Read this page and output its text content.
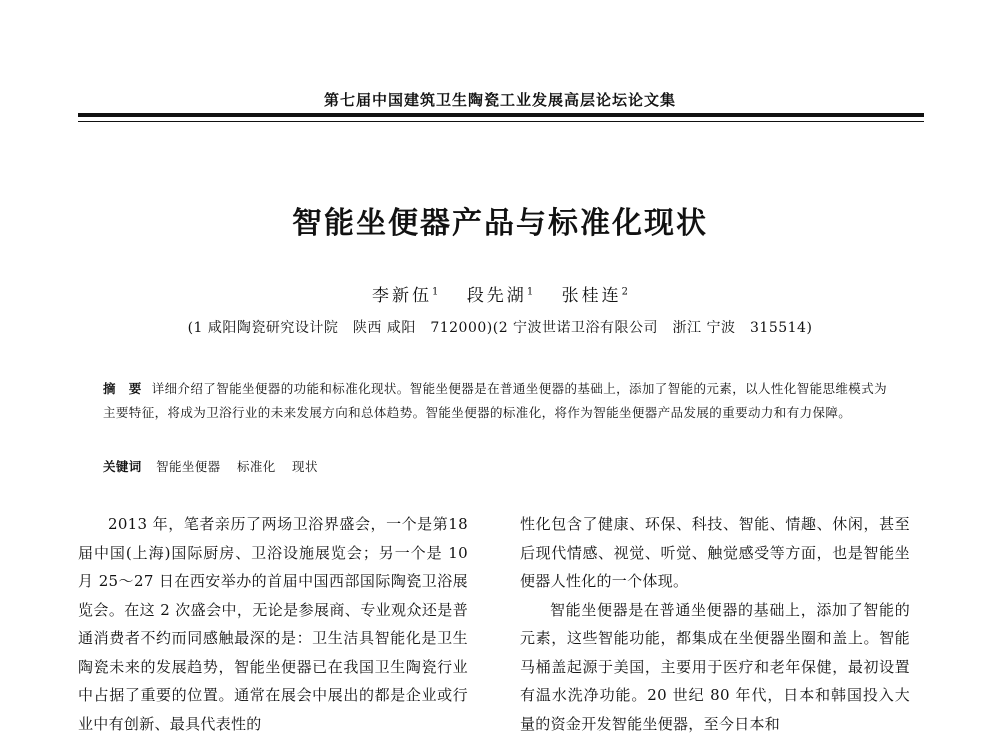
第七届中国建筑卫生陶瓷工业发展高层论坛论文集
智能坐便器产品与标准化现状
李新伍$^1$ 段先湖$^1$ 张桂连$^2$
(1 咸阳陶瓷研究设计院　陕西 咸阳　712000)(2 宁波世诺卫浴有限公司　浙江 宁波　315514)
摘　要 详细介绍了智能坐便器的功能和标准化现状。智能坐便器是在普通坐便器的基础上，添加了智能的元素，以人性化智能思维模式为主要特征，将成为卫浴行业的未来发展方向和总体趋势。智能坐便器的标准化，将作为智能坐便器产品发展的重要动力和有力保障。
关键词 智能坐便器 标准化 现状

2013 年，笔者亲历了两场卫浴界盛会，一个是第18 届中国(上海)国际厨房、卫浴设施展览会；另一个是 10 月 25～27 日在西安举办的首届中国西部国际陶瓷卫浴展览会。在这 2 次盛会中，无论是参展商、专业观众还是普通消费者不约而同感触最深的是：卫生洁具智能化是卫生陶瓷未来的发展趋势，智能坐便器已在我国卫生陶瓷行业中占据了重要的位置。通常在展会中展出的都是企业或行业中有创新、最具代表性的

性化包含了健康、环保、科技、智能、情趣、休闲，甚至后现代情感、视觉、听觉、触觉感受等方面，也是智能坐便器人性化的一个体现。

智能坐便器是在普通坐便器的基础上，添加了智能的元素，这些智能功能，都集成在坐便器坐圈和盖上。智能马桶盖起源于美国，主要用于医疗和老年保健，最初设置有温水洗净功能。20 世纪 80 年代，日本和韩国投入大量的资金开发智能坐便器，至今日本和
